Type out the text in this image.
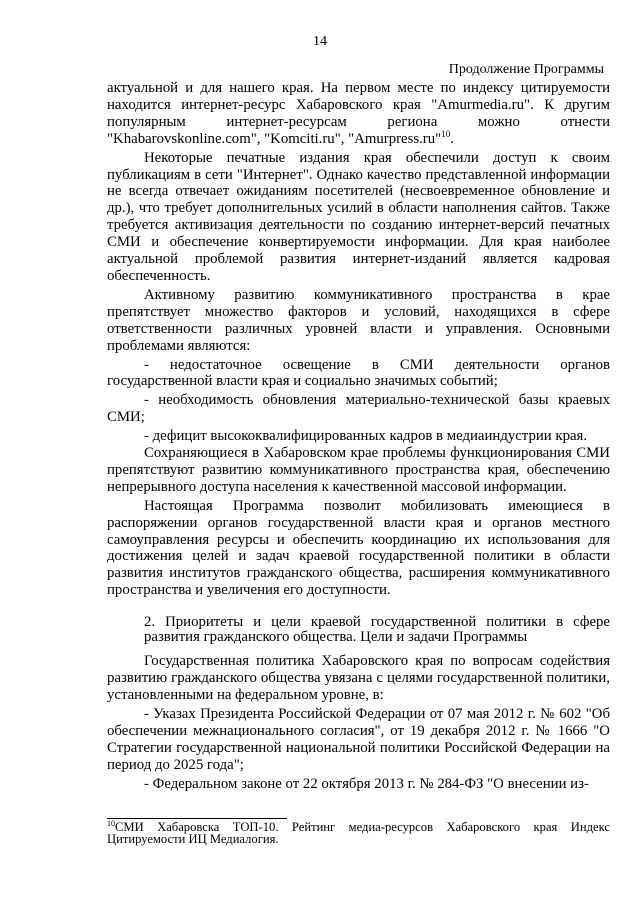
14
Продолжение Программы

актуальной и для нашего края. На первом месте по индексу цитируемости находится интернет-ресурс Хабаровского края "Amurmedia.ru". К другим популярным интернет-ресурсам региона можно отнести "Khabarovskonline.com", "Komciti.ru", "Amurpress.ru"$^{10}$.

Некоторые печатные издания края обеспечили доступ к своим публикациям в сети "Интернет". Однако качество представленной информации не всегда отвечает ожиданиям посетителей (несвоевременное обновление и др.), что требует дополнительных усилий в области наполнения сайтов. Также требуется активизация деятельности по созданию интернет-версий печатных СМИ и обеспечение конвертируемости информации. Для края наиболее актуальной проблемой развития интернет-изданий является кадровая обеспеченность.

Активному развитию коммуникативного пространства в крае препятствует множество факторов и условий, находящихся в сфере ответственности различных уровней власти и управления. Основными проблемами являются:

- недостаточное освещение в СМИ деятельности органов государственной власти края и социально значимых событий;

- необходимость обновления материально-технической базы краевых СМИ;

- дефицит высококвалифицированных кадров в медиаиндустрии края.

Сохраняющиеся в Хабаровском крае проблемы функционирования СМИ препятствуют развитию коммуникативного пространства края, обеспечению непрерывного доступа населения к качественной массовой информации.

Настоящая Программа позволит мобилизовать имеющиеся в распоряжении органов государственной власти края и органов местного самоуправления ресурсы и обеспечить координацию их использования для достижения целей и задач краевой государственной политики в области развития институтов гражданского общества, расширения коммуникативного пространства и увеличения его доступности.

2. Приоритеты и цели краевой государственной политики в сфере развития гражданского общества. Цели и задачи Программы

Государственная политика Хабаровского края по вопросам содействия развитию гражданского общества увязана с целями государственной политики, установленными на федеральном уровне, в:

- Указах Президента Российской Федерации от 07 мая 2012 г. № 602 "Об обеспечении межнационального согласия", от 19 декабря 2012 г. № 1666 "О Стратегии государственной национальной политики Российской Федерации на период до 2025 года";

- Федеральном законе от 22 октября 2013 г. № 284-ФЗ "О внесении из-

$^{10}$СМИ Хабаровска ТОП-10. Рейтинг медиа-ресурсов Хабаровского края Индекс Цитируемости ИЦ Медиалогия.
